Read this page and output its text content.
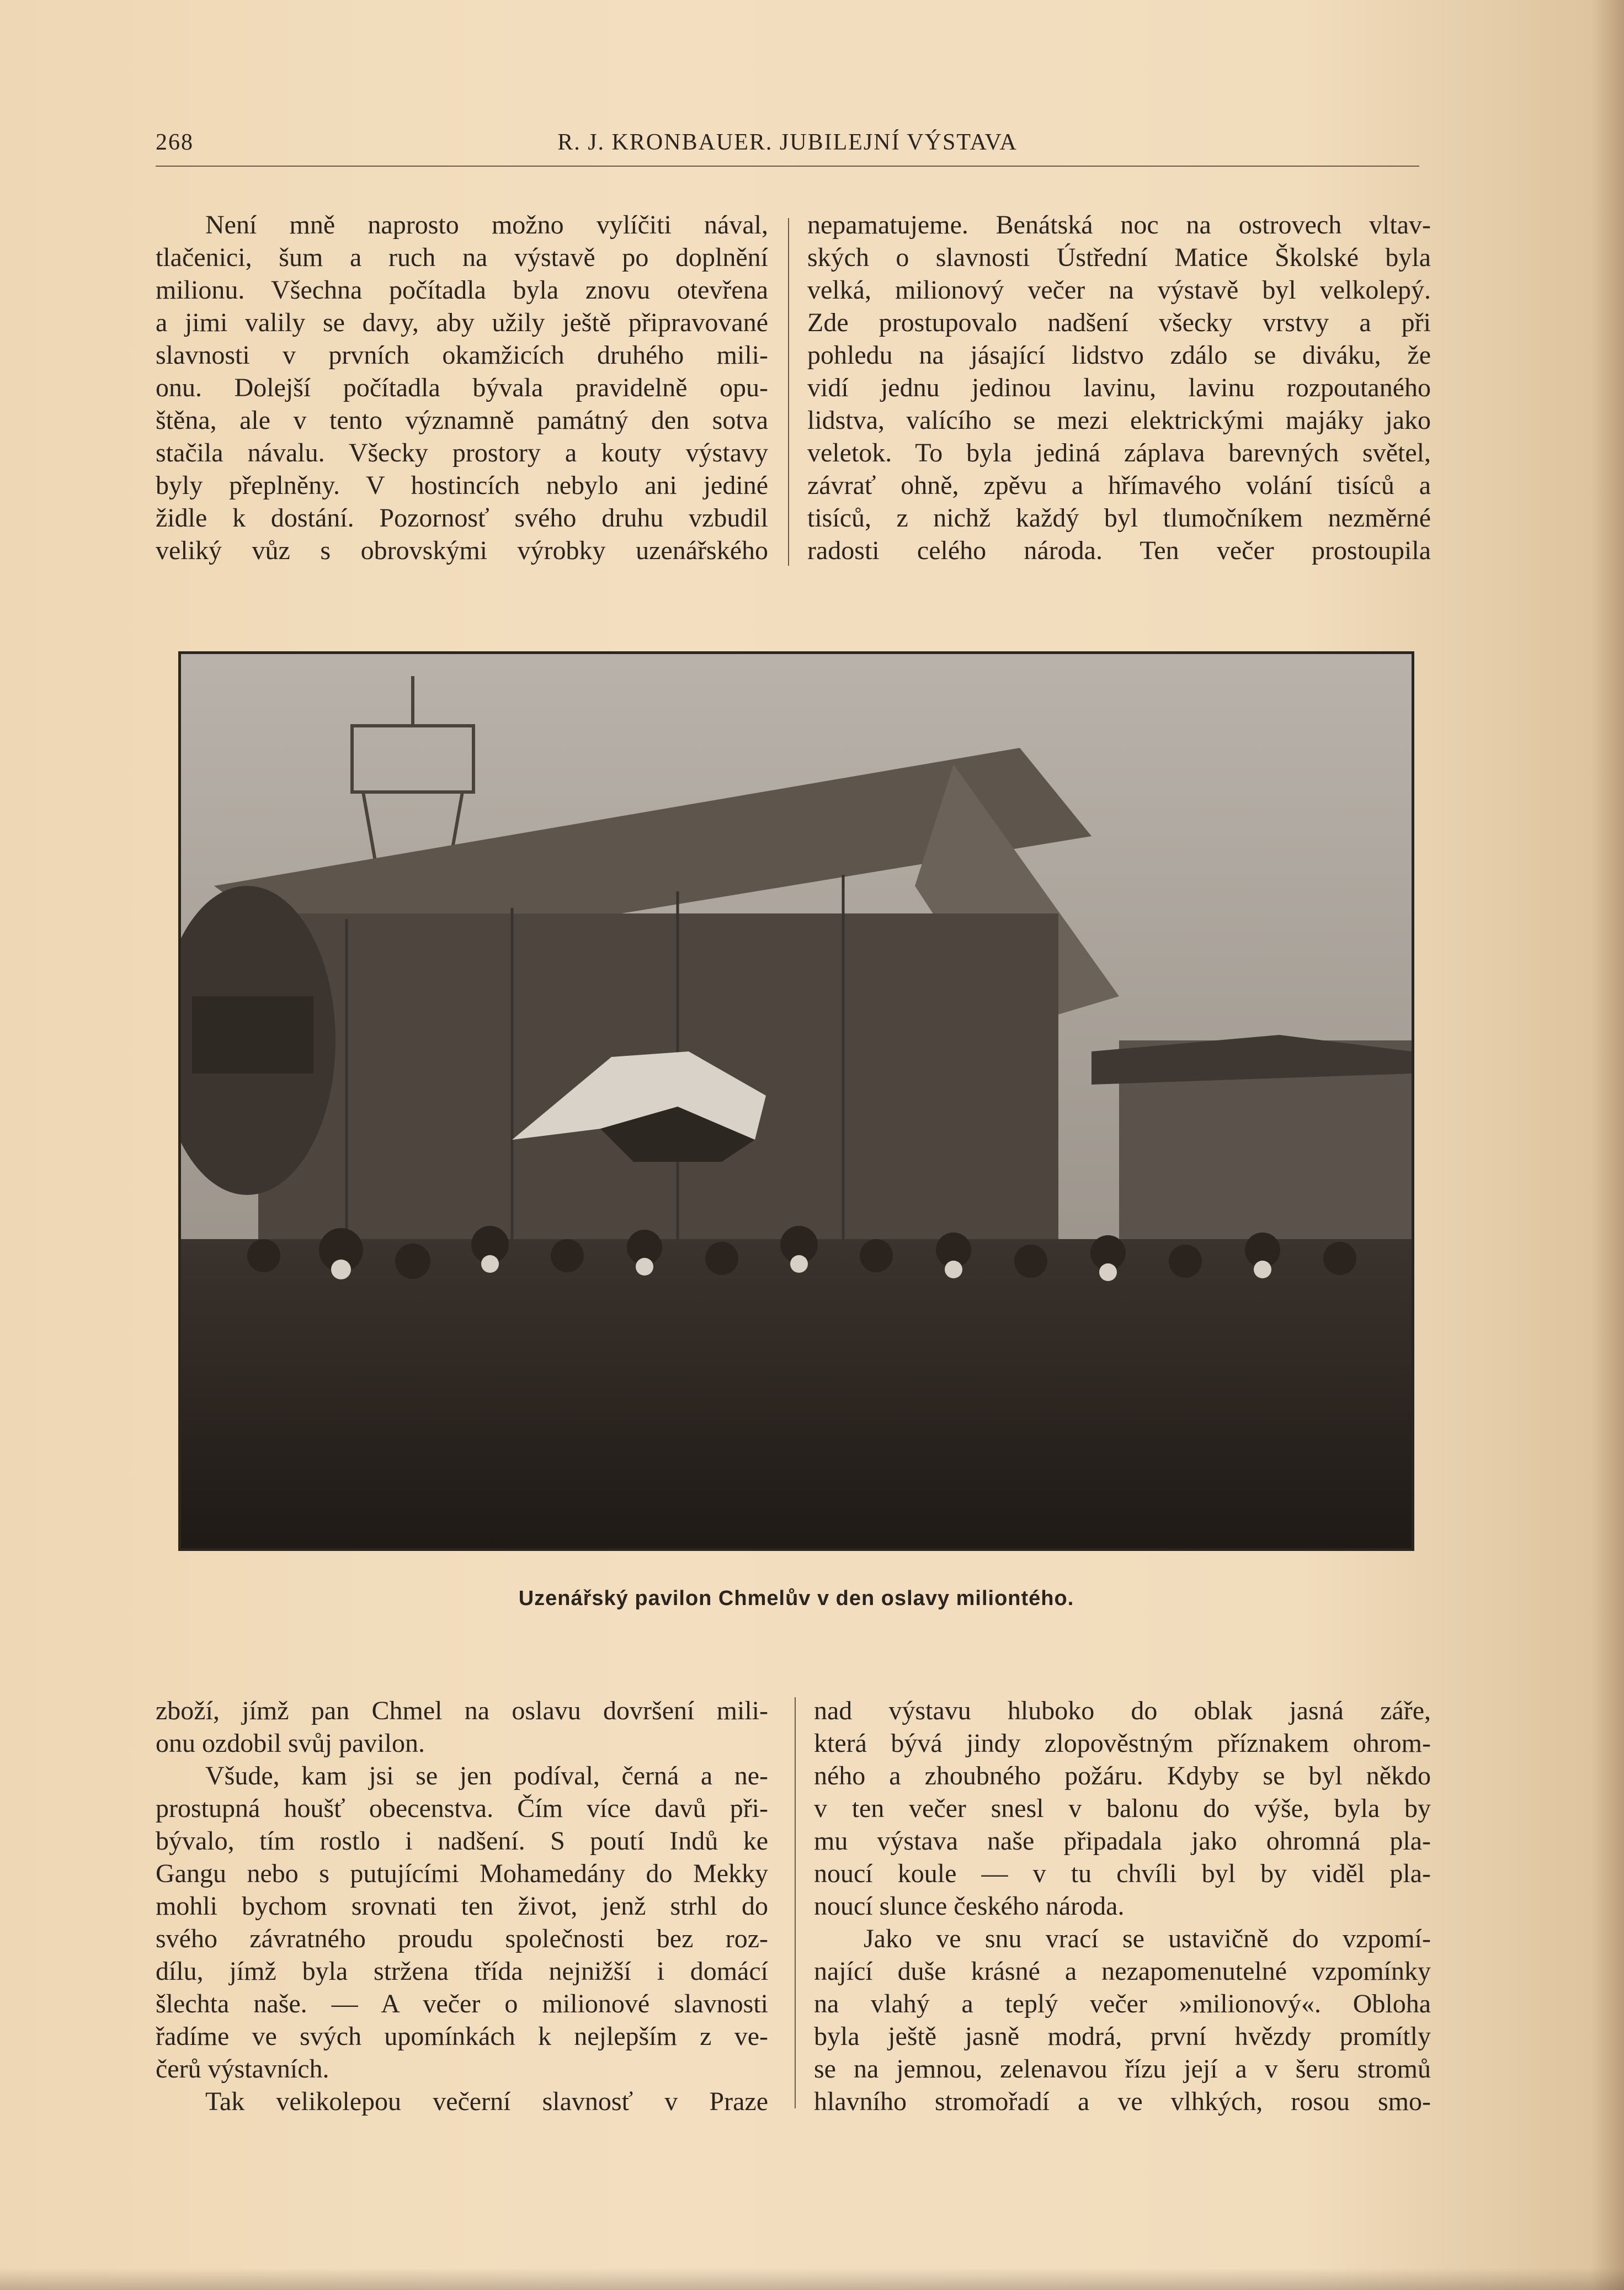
268	R. J. KRONBAUER. JUBILEJNÍ VÝSTAVA
Není mně naprosto možno vylíčiti nával,
tlačenici, šum a ruch na výstavě po doplnění
milionu. Všechna počítadla byla znovu otevřena
a jimi valily se davy, aby užily ještě připravované
slavnosti v prvních okamžicích druhého mili-
onu. Dolejší počítadla bývala pravidelně opu-
štěna, ale v tento významně památný den sotva
stačila návalu. Všecky prostory a kouty výstavy
byly přeplněny. V hostincích nebylo ani jediné
židle k dostání. Pozornosť svého druhu vzbudil
veliký vůz s obrovskými výrobky uzenářského
nepamatujeme. Benátská noc na ostrovech vltav-
ských o slavnosti Ústřední Matice Školské byla
velká, milionový večer na výstavě byl velkolepý.
Zde prostupovalo nadšení všecky vrstvy a při
pohledu na jásající lidstvo zdálo se diváku, že
vidí jednu jedinou lavinu, lavinu rozpoutaného
lidstva, valícího se mezi elektrickými majáky jako
veletok. To byla jediná záplava barevných světel,
závrať ohně, zpěvu a hřímavého volání tisíců a
tisíců, z nichž každý byl tlumočníkem nezměrné
radosti celého národa. Ten večer prostoupila
Uzenářský pavilon Chmelův v den oslavy miliontého.
zboží, jímž pan Chmel na oslavu dovršení mili-
onu ozdobil svůj pavilon.
Všude, kam jsi se jen podíval, černá a ne-
prostupná houšť obecenstva. Čím více davů při-
bývalo, tím rostlo i nadšení. S poutí Indů ke
Gangu nebo s putujícími Mohamedány do Mekky
mohli bychom srovnati ten život, jenž strhl do
svého závratného proudu společnosti bez roz-
dílu, jímž byla stržena třída nejnižší i domácí
šlechta naše. — A večer o milionové slavnosti
řadíme ve svých upomínkách k nejlepším z ve-
čerů výstavních.
Tak velikolepou večerní slavnosť v Praze
nad výstavu hluboko do oblak jasná záře,
která bývá jindy zlopověstným příznakem ohrom-
ného a zhoubného požáru. Kdyby se byl někdo
v ten večer snesl v balonu do výše, byla by
mu výstava naše připadala jako ohromná pla-
noucí koule — v tu chvíli byl by viděl pla-
noucí slunce českého národa.
Jako ve snu vrací se ustavičně do vzpomí-
nající duše krásné a nezapomenutelné vzpomínky
na vlahý a teplý večer »milionový«. Obloha
byla ještě jasně modrá, první hvězdy promítly
se na jemnou, zelenavou řízu její a v šeru stromů
hlavního stromořadí a ve vlhkých, rosou smo-
